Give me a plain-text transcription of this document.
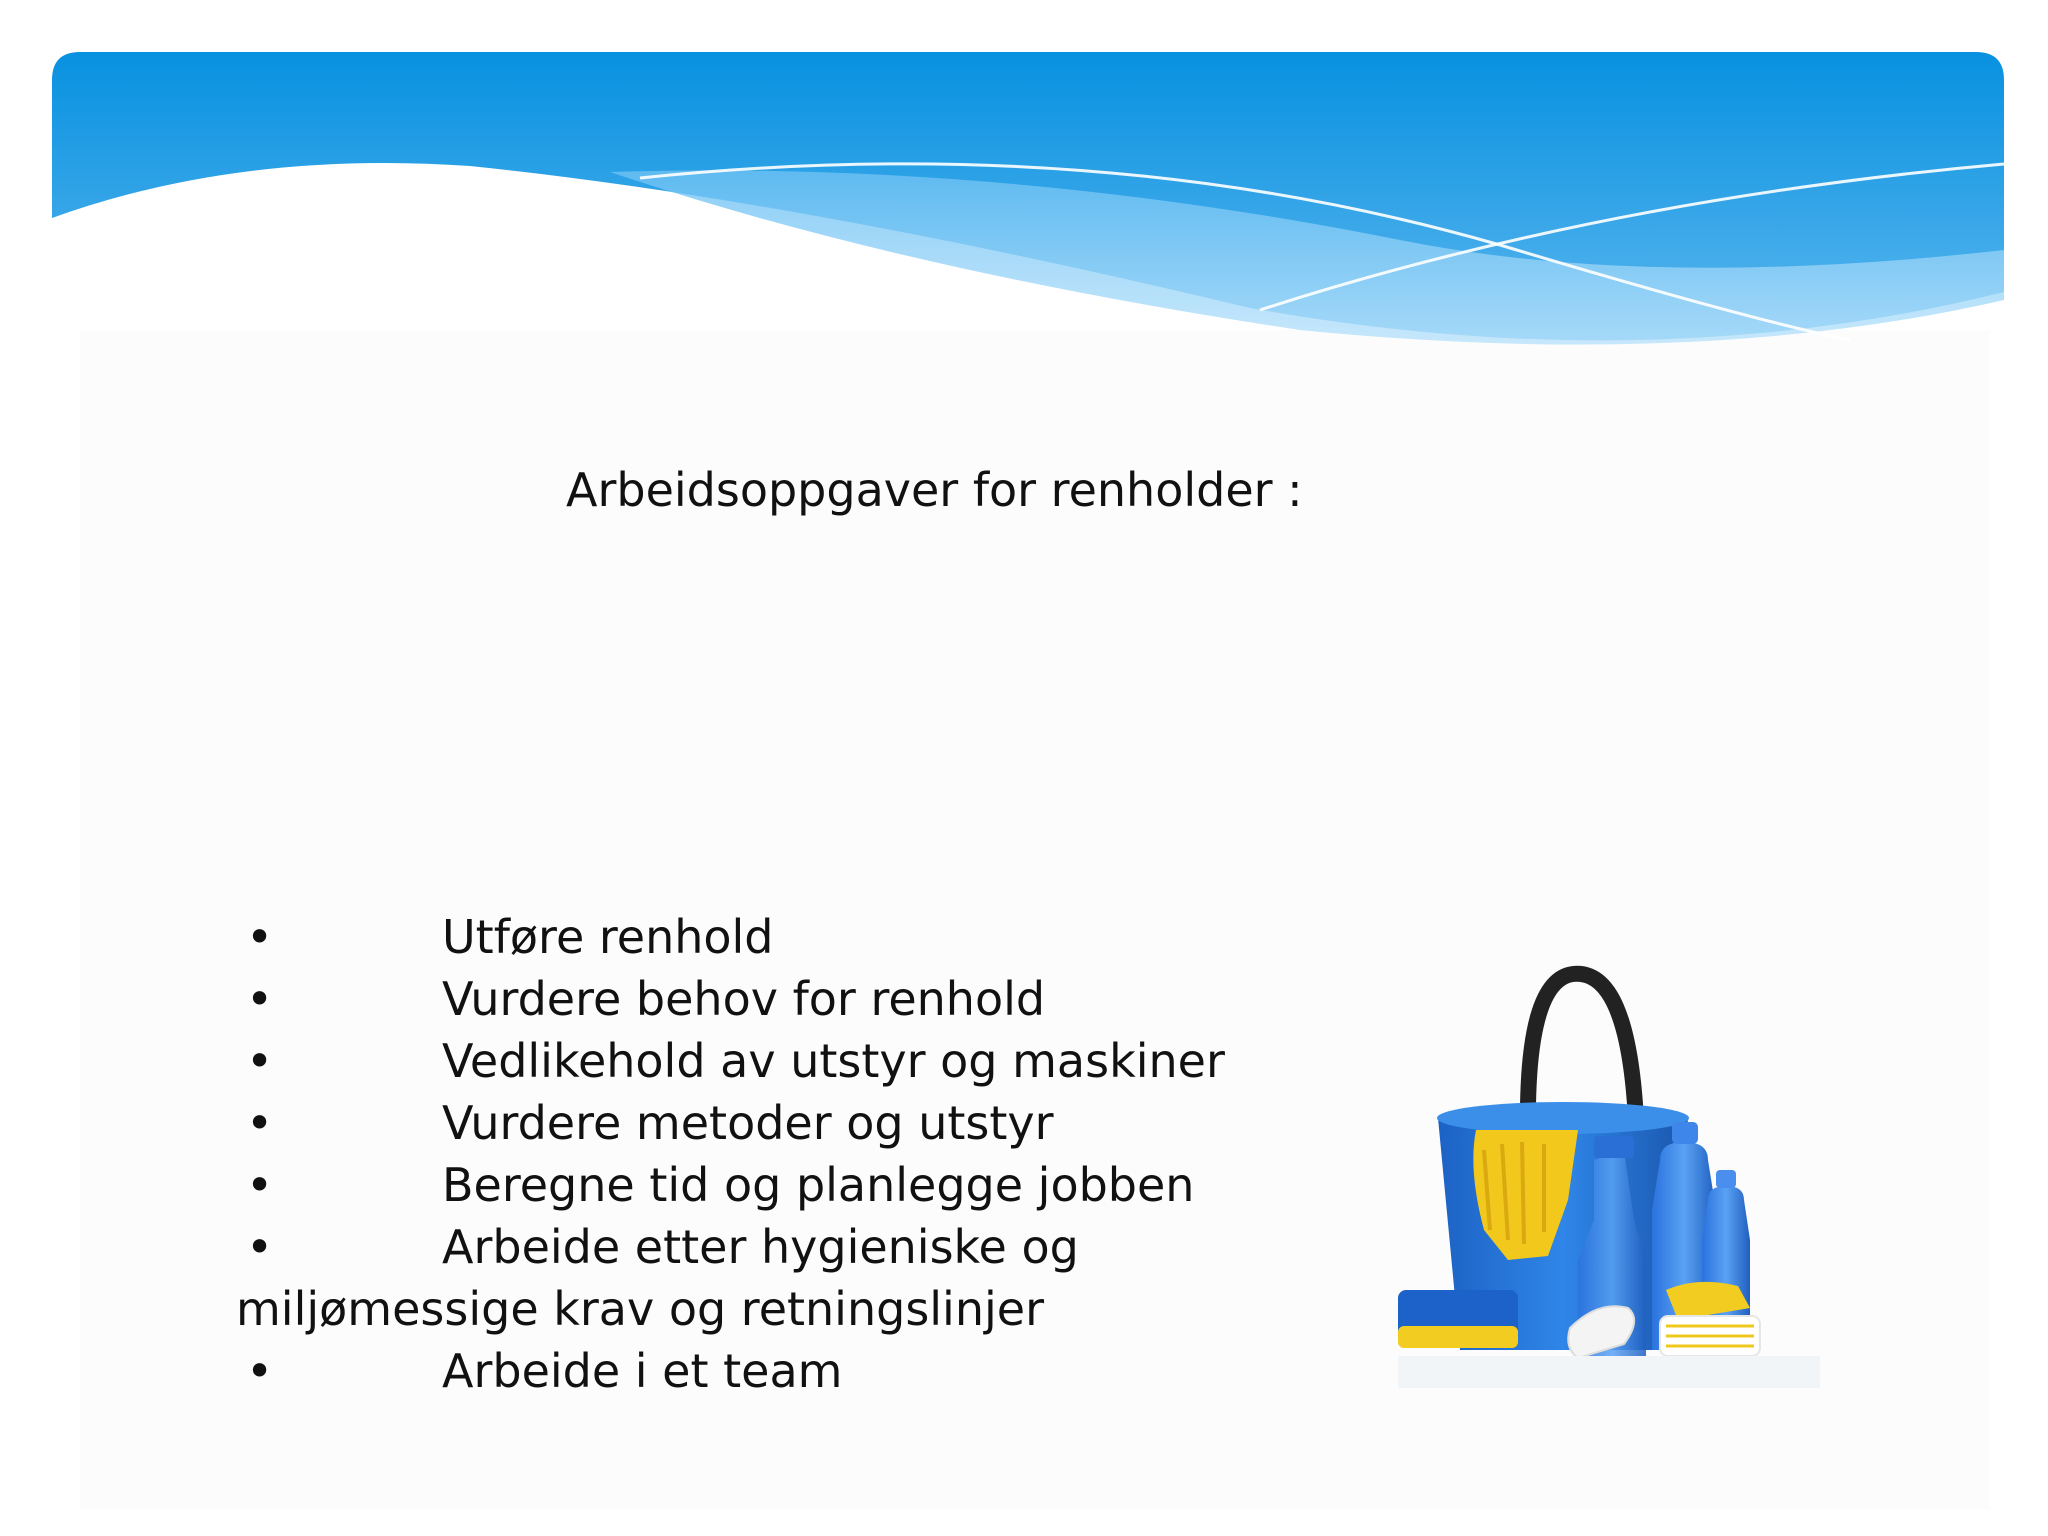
Arbeidsoppgaver for renholder :
•	Utføre renhold
•	Vurdere behov for renhold
•	Vedlikehold av utstyr og maskiner
•	Vurdere metoder og utstyr
•	Beregne tid og planlegge jobben
•	Arbeide etter hygieniske og
miljømessige krav og retningslinjer
•	Arbeide i et team
